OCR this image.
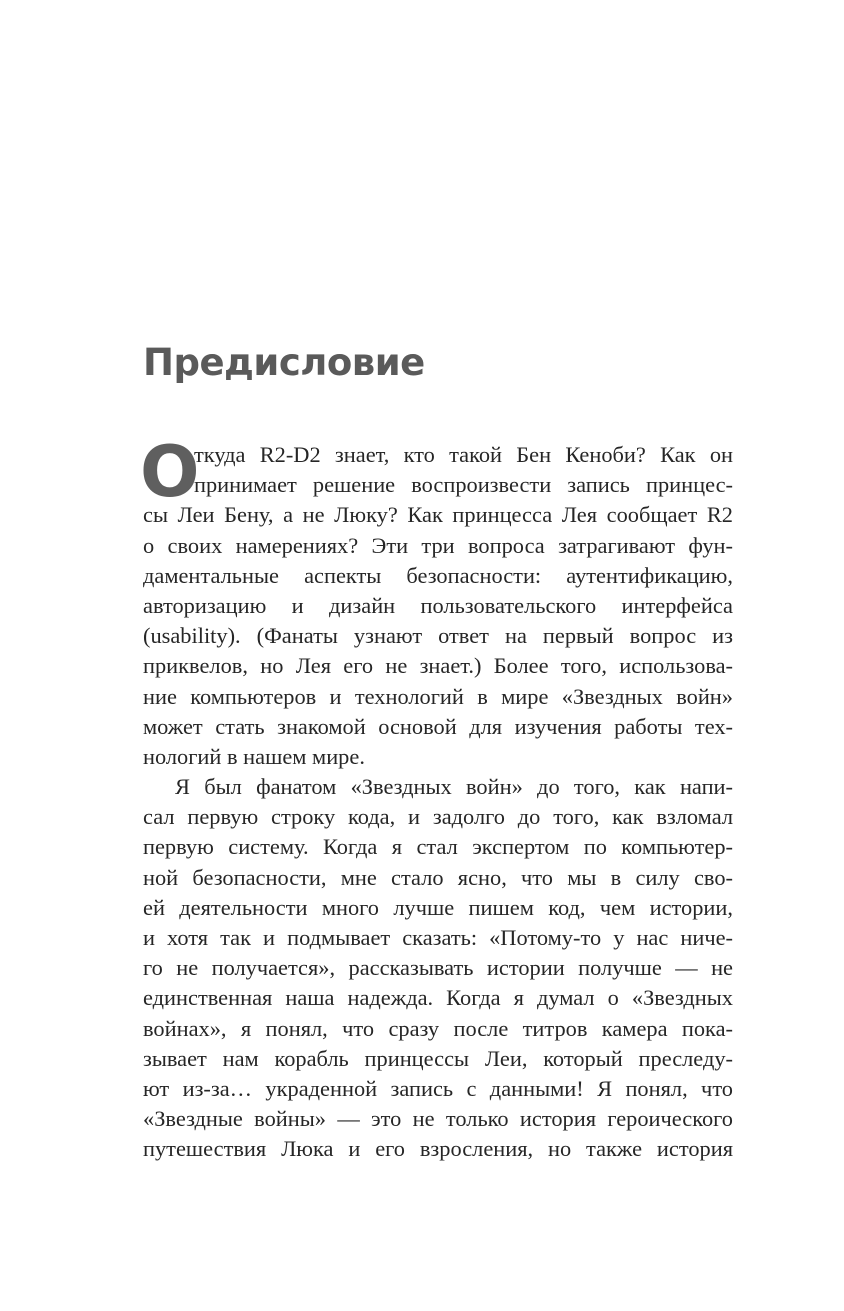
Предисловие
О
ткуда R2-D2 знает, кто такой Бен Кеноби? Как он
принимает решение воспроизвести запись принцес-
сы Леи Бену, а не Люку? Как принцесса Лея сообщает R2
о своих намерениях? Эти три вопроса затрагивают фун-
даментальные аспекты безопасности: аутентификацию,
авторизацию и дизайн пользовательского интерфейса
(usability). (Фанаты узнают ответ на первый вопрос из
приквелов, но Лея его не знает.) Более того, использова-
ние компьютеров и технологий в мире «Звездных войн»
может стать знакомой основой для изучения работы тех-
нологий в нашем мире.
Я был фанатом «Звездных войн» до того, как напи-
сал первую строку кода, и задолго до того, как взломал
первую систему. Когда я стал экспертом по компьютер-
ной безопасности, мне стало ясно, что мы в силу сво-
ей деятельности много лучше пишем код, чем истории,
и хотя так и подмывает сказать: «Потому-то у нас ниче-
го не получается», рассказывать истории получше — не
единственная наша надежда. Когда я думал о «Звездных
войнах», я понял, что сразу после титров камера пока-
зывает нам корабль принцессы Леи, который преследу-
ют из-за… украденной запись с данными! Я понял, что
«Звездные войны» — это не только история героического
путешествия Люка и его взросления, но также история
